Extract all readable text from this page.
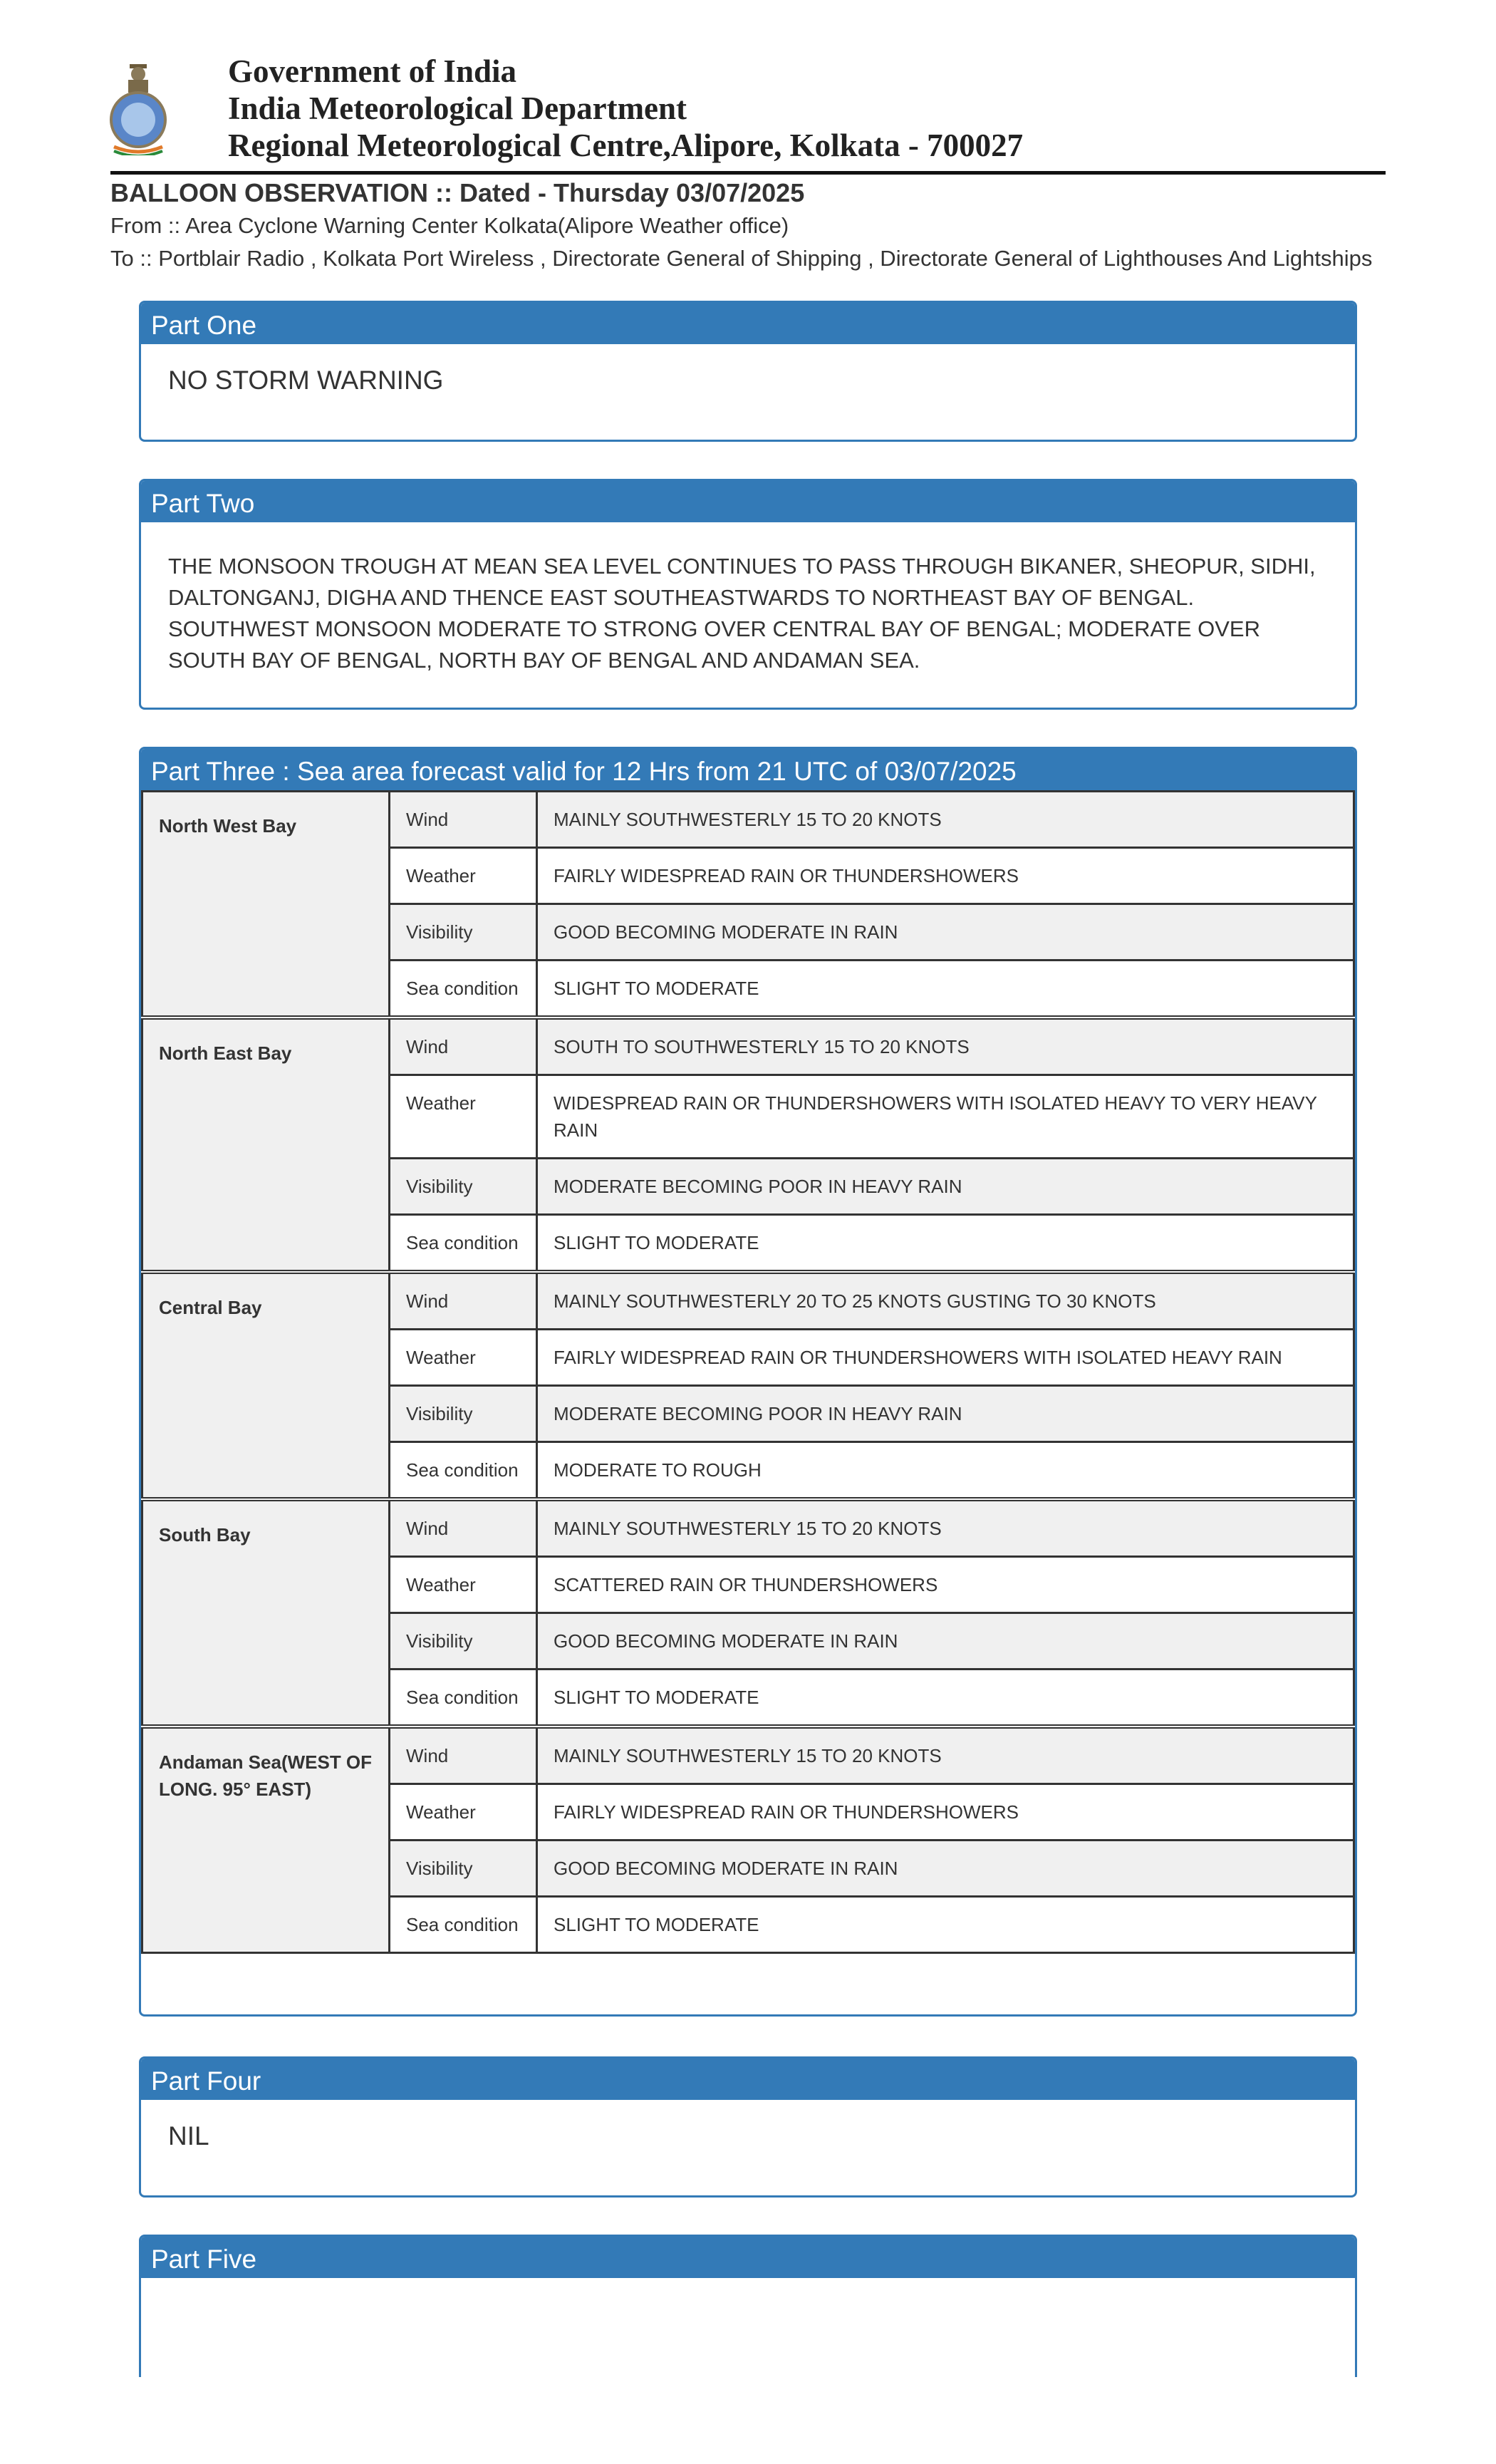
Government of India
India Meteorological Department
Regional Meteorological Centre,Alipore, Kolkata - 700027
BALLOON OBSERVATION :: Dated - Thursday 03/07/2025
From :: Area Cyclone Warning Center Kolkata(Alipore Weather office)
To :: Portblair Radio , Kolkata Port Wireless , Directorate General of Shipping , Directorate General of Lighthouses And Lightships
Part One
NO STORM WARNING
Part Two
THE MONSOON TROUGH AT MEAN SEA LEVEL CONTINUES TO PASS THROUGH BIKANER, SHEOPUR, SIDHI, DALTONGANJ, DIGHA AND THENCE EAST SOUTHEASTWARDS TO NORTHEAST BAY OF BENGAL. SOUTHWEST MONSOON MODERATE TO STRONG OVER CENTRAL BAY OF BENGAL; MODERATE OVER SOUTH BAY OF BENGAL, NORTH BAY OF BENGAL AND ANDAMAN SEA.
Part Three : Sea area forecast valid for 12 Hrs from 21 UTC of 03/07/2025
North West Bay	Wind	MAINLY SOUTHWESTERLY 15 TO 20 KNOTS
	Weather	FAIRLY WIDESPREAD RAIN OR THUNDERSHOWERS
	Visibility	GOOD BECOMING MODERATE IN RAIN
	Sea condition	SLIGHT TO MODERATE
North East Bay	Wind	SOUTH TO SOUTHWESTERLY 15 TO 20 KNOTS
	Weather	WIDESPREAD RAIN OR THUNDERSHOWERS WITH ISOLATED HEAVY TO VERY HEAVY RAIN
	Visibility	MODERATE BECOMING POOR IN HEAVY RAIN
	Sea condition	SLIGHT TO MODERATE
Central Bay	Wind	MAINLY SOUTHWESTERLY 20 TO 25 KNOTS GUSTING TO 30 KNOTS
	Weather	FAIRLY WIDESPREAD RAIN OR THUNDERSHOWERS WITH ISOLATED HEAVY RAIN
	Visibility	MODERATE BECOMING POOR IN HEAVY RAIN
	Sea condition	MODERATE TO ROUGH
South Bay	Wind	MAINLY SOUTHWESTERLY 15 TO 20 KNOTS
	Weather	SCATTERED RAIN OR THUNDERSHOWERS
	Visibility	GOOD BECOMING MODERATE IN RAIN
	Sea condition	SLIGHT TO MODERATE
Andaman Sea(WEST OF LONG. 95° EAST)	Wind	MAINLY SOUTHWESTERLY 15 TO 20 KNOTS
	Weather	FAIRLY WIDESPREAD RAIN OR THUNDERSHOWERS
	Visibility	GOOD BECOMING MODERATE IN RAIN
	Sea condition	SLIGHT TO MODERATE
Part Four
NIL
Part Five
